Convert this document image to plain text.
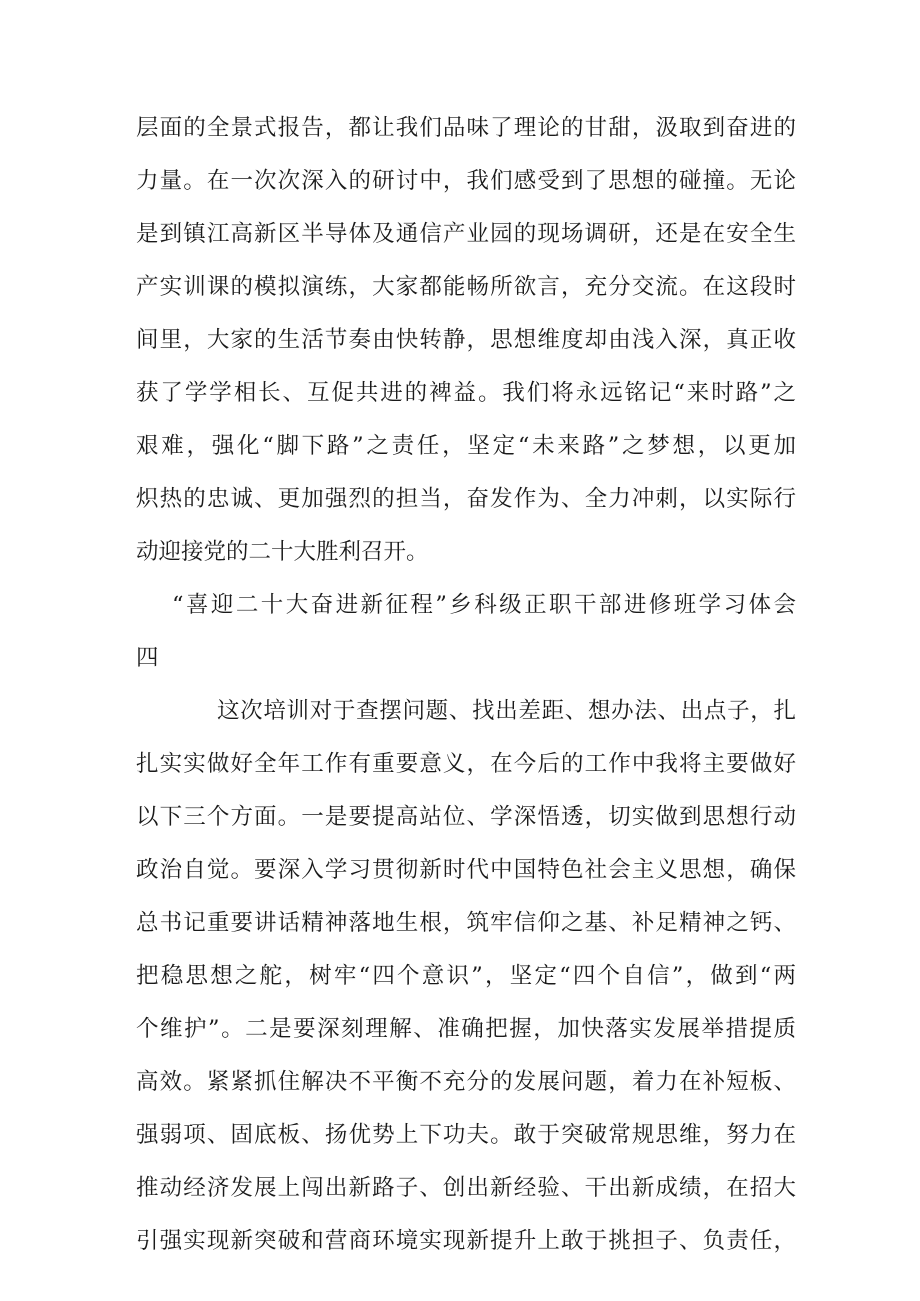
层面的全景式报告，都让我们品味了理论的甘甜，汲取到奋进的
力量。在一次次深入的研讨中，我们感受到了思想的碰撞。无论
是到镇江高新区半导体及通信产业园的现场调研，还是在安全生
产实训课的模拟演练，大家都能畅所欲言，充分交流。在这段时
间里，大家的生活节奏由快转静，思想维度却由浅入深，真正收
获了学学相长、互促共进的裨益。我们将永远铭记“来时路”之
艰难，强化“脚下路”之责任，坚定“未来路”之梦想，以更加
炽热的忠诚、更加强烈的担当，奋发作为、全力冲刺，以实际行
动迎接党的二十大胜利召开。
“喜迎二十大奋进新征程”乡科级正职干部进修班学习体会
四
这次培训对于查摆问题、找出差距、想办法、出点子，扎
扎实实做好全年工作有重要意义，在今后的工作中我将主要做好
以下三个方面。一是要提高站位、学深悟透，切实做到思想行动
政治自觉。要深入学习贯彻新时代中国特色社会主义思想，确保
总书记重要讲话精神落地生根，筑牢信仰之基、补足精神之钙、
把稳思想之舵，树牢“四个意识”，坚定“四个自信”，做到“两
个维护”。二是要深刻理解、准确把握，加快落实发展举措提质
高效。紧紧抓住解决不平衡不充分的发展问题，着力在补短板、
强弱项、固底板、扬优势上下功夫。敢于突破常规思维，努力在
推动经济发展上闯出新路子、创出新经验、干出新成绩，在招大
引强实现新突破和营商环境实现新提升上敢于挑担子、负责任，
